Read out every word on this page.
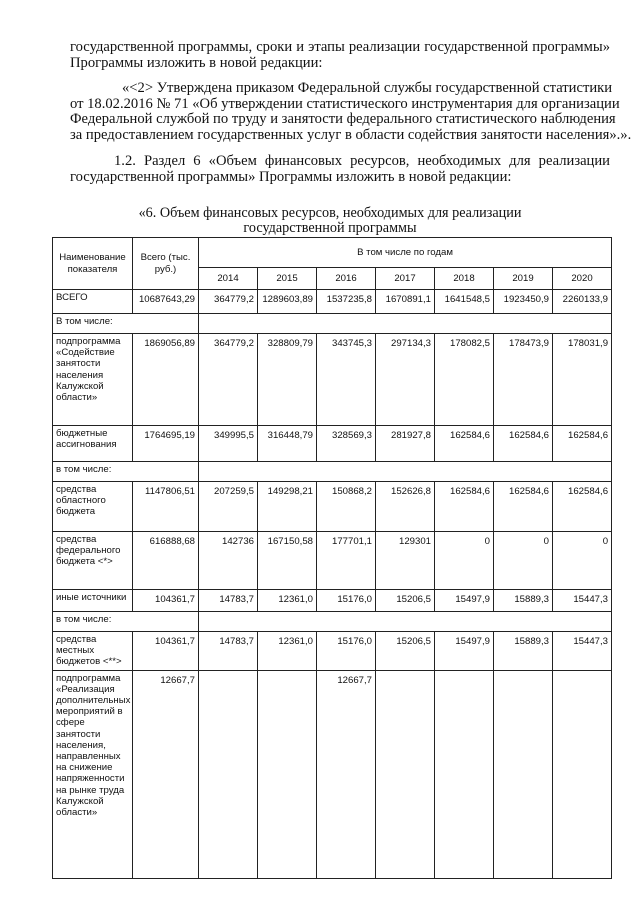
государственной программы, сроки и этапы реализации государственной программы»
Программы изложить в новой редакции:
«<2> Утверждена приказом Федеральной службы государственной статистики
от 18.02.2016 № 71 «Об утверждении статистического инструментария для организации
Федеральной службой по труду и занятости федерального статистического наблюдения
за предоставлением государственных услуг в области содействия занятости населения».».
1.2. Раздел 6 «Объем финансовых ресурсов, необходимых для реализации
государственной программы» Программы изложить в новой редакции:
«6. Объем финансовых ресурсов, необходимых для реализации
государственной программы
Наименование показателя	Всего (тыс. руб.)	В том числе по годам						
		2014	2015	2016	2017	2018	2019	2020
ВСЕГО	10687643,29	364779,2	1289603,89	1537235,8	1670891,1	1641548,5	1923450,9	2260133,9
В том числе:								
подпрограмма «Содействие занятости населения Калужской области»	1869056,89	364779,2	328809,79	343745,3	297134,3	178082,5	178473,9	178031,9
бюджетные ассигнования	1764695,19	349995,5	316448,79	328569,3	281927,8	162584,6	162584,6	162584,6
в том числе:								
средства областного бюджета	1147806,51	207259,5	149298,21	150868,2	152626,8	162584,6	162584,6	162584,6
средства федерального бюджета <*>	616888,68	142736	167150,58	177701,1	129301	0	0	0
иные источники	104361,7	14783,7	12361,0	15176,0	15206,5	15497,9	15889,3	15447,3
в том числе:								
средства местных бюджетов <**>	104361,7	14783,7	12361,0	15176,0	15206,5	15497,9	15889,3	15447,3
подпрограмма «Реализация дополнительных мероприятий в сфере занятости населения, направленных на снижение напряженности на рынке труда Калужской области»	12667,7			12667,7				
